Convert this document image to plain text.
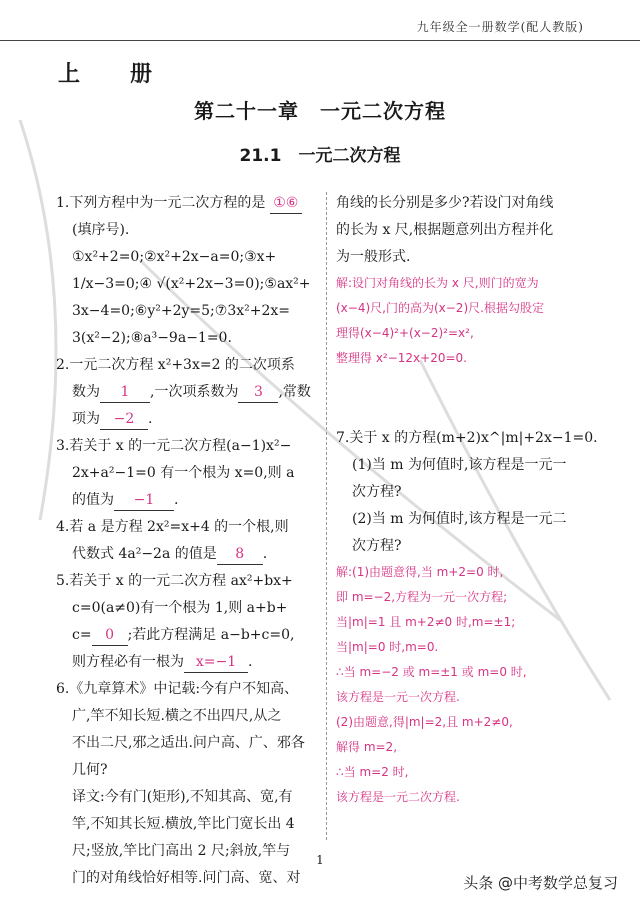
九年级全一册数学(配人教版)
上　册
第二十一章　一元二次方程
21.1　一元二次方程
1.下列方程中为一元二次方程的是 ①⑥
(填序号).
①x²+2=0;②x²+2x−a=0;③x+
1/x−3=0;④ √(x²+2x−3=0);⑤ax²+
3x−4=0;⑥y²+2y=5;⑦3x²+2x=
3(x²−2);⑧a³−9a−1=0.
2.一元二次方程 x²+3x=2 的二次项系
数为 1 ,一次项系数为 3 ,常数
项为 −2 .
3.若关于 x 的一元二次方程(a−1)x²−
2x+a²−1=0 有一个根为 x=0,则 a
的值为 −1 .
4.若 a 是方程 2x²=x+4 的一个根,则
代数式 4a²−2a 的值是 8 .
5.若关于 x 的一元二次方程 ax²+bx+
c=0(a≠0)有一个根为 1,则 a+b+
c= 0 ;若此方程满足 a−b+c=0,
则方程必有一根为 x=−1 .
6.《九章算术》中记载:今有户不知高、
广,竿不知长短.横之不出四尺,从之
不出二尺,邪之适出.问户高、广、邪各
几何?
译文:今有门(矩形),不知其高、宽,有
竿,不知其长短.横放,竿比门宽长出 4
尺;竖放,竿比门高出 2 尺;斜放,竿与
门的对角线恰好相等.问门高、宽、对
角线的长分别是多少?若设门对角线
的长为 x 尺,根据题意列出方程并化
为一般形式.
解:设门对角线的长为 x 尺,则门的宽为
(x−4)尺,门的高为(x−2)尺.根据勾股定
理得(x−4)²+(x−2)²=x²,
整理得 x²−12x+20=0.
7.关于 x 的方程(m+2)x^|m|+2x−1=0.
(1)当 m 为何值时,该方程是一元一
次方程?
(2)当 m 为何值时,该方程是一元二
次方程?
解:(1)由题意得,当 m+2=0 时,
即 m=−2,方程为一元一次方程;
当|m|=1 且 m+2≠0 时,m=±1;
当|m|=0 时,m=0.
∴当 m=−2 或 m=±1 或 m=0 时,
该方程是一元一次方程.
(2)由题意,得|m|=2,且 m+2≠0,
解得 m=2,
∴当 m=2 时,
该方程是一元二次方程.
1
头条 @中考数学总复习
